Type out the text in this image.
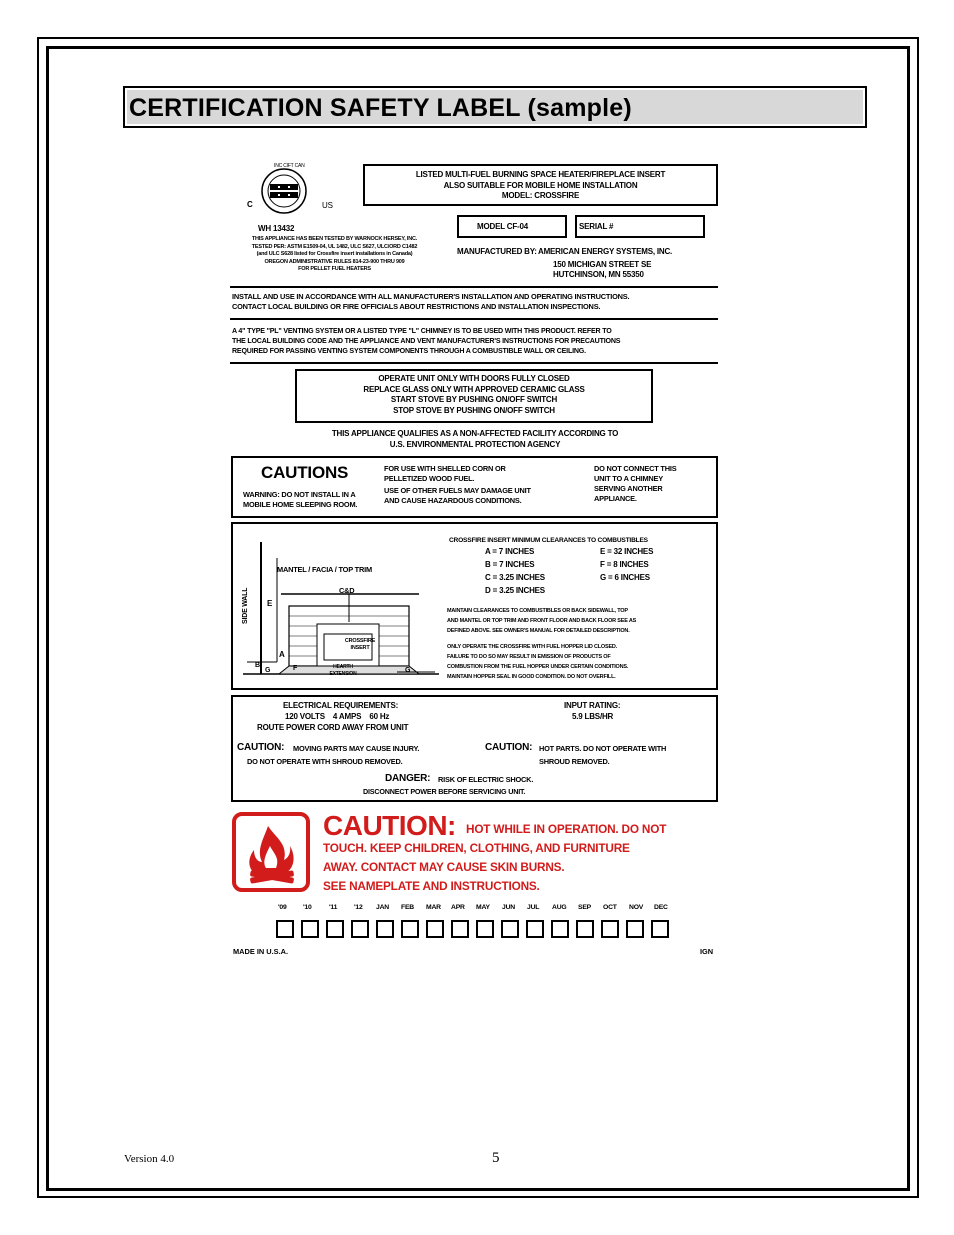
CERTIFICATION SAFETY LABEL (sample)
C	US
INC CIFT CAN
WH 13432
THIS APPLIANCE HAS BEEN TESTED BY WARNOCK HERSEY, INC.
TESTED PER: ASTM E1509-04, UL 1482, ULC S627, ULC/ORD C1482
(and ULC S628 listed for Crossfire insert installations in Canada)
OREGON ADMINISTRATIVE RULES 814-23-900 THRU 909
FOR PELLET FUEL HEATERS
LISTED MULTI-FUEL BURNING SPACE HEATER/FIREPLACE INSERT
ALSO SUITABLE FOR MOBILE HOME INSTALLATION
MODEL: CROSSFIRE
MODEL CF-04	SERIAL #
MANUFACTURED BY: AMERICAN ENERGY SYSTEMS, INC.
150 MICHIGAN STREET SE
HUTCHINSON, MN 55350
INSTALL AND USE IN ACCORDANCE WITH ALL MANUFACTURER'S INSTALLATION AND OPERATING INSTRUCTIONS.
CONTACT LOCAL BUILDING OR FIRE OFFICIALS ABOUT RESTRICTIONS AND INSTALLATION INSPECTIONS.
A 4" TYPE "PL" VENTING SYSTEM OR A LISTED TYPE "L" CHIMNEY IS TO BE USED WITH THIS PRODUCT. REFER TO
THE LOCAL BUILDING CODE AND THE APPLIANCE AND VENT MANUFACTURER'S INSTRUCTIONS FOR PRECAUTIONS
REQUIRED FOR PASSING VENTING SYSTEM COMPONENTS THROUGH A COMBUSTIBLE WALL OR CEILING.
OPERATE UNIT ONLY WITH DOORS FULLY CLOSED
REPLACE GLASS ONLY WITH APPROVED CERAMIC GLASS
START STOVE BY PUSHING ON/OFF SWITCH
STOP STOVE BY PUSHING ON/OFF SWITCH
THIS APPLIANCE QUALIFIES AS A NON-AFFECTED FACILITY ACCORDING TO
U.S. ENVIRONMENTAL PROTECTION AGENCY
CAUTIONS
WARNING: DO NOT INSTALL IN A
MOBILE HOME SLEEPING ROOM.
FOR USE WITH SHELLED CORN OR
PELLETIZED WOOD FUEL.
USE OF OTHER FUELS MAY DAMAGE UNIT
AND CAUSE HAZARDOUS CONDITIONS.
DO NOT CONNECT THIS
UNIT TO A CHIMNEY
SERVING ANOTHER
APPLIANCE.
MANTEL / FACIA / TOP TRIM
SIDE WALL	C&D
E
A
B	F
G	G
CROSSFIRE
INSERT
HEARTH
EXTENSION
CROSSFIRE INSERT MINIMUM CLEARANCES TO COMBUSTIBLES
A = 7 INCHES
B = 7 INCHES
C = 3.25 INCHES
D = 3.25 INCHES
E = 32 INCHES
F = 8 INCHES
G = 6 INCHES
MAINTAIN CLEARANCES TO COMBUSTIBLES OR BACK SIDEWALL, TOP
AND MANTEL OR TOP TRIM AND FRONT FLOOR AND BACK FLOOR SEE AS
DEFINED ABOVE. SEE OWNER'S MANUAL FOR DETAILED DESCRIPTION.
ONLY OPERATE THE CROSSFIRE WITH FUEL HOPPER LID CLOSED.
FAILURE TO DO SO MAY RESULT IN EMISSION OF PRODUCTS OF
COMBUSTION FROM THE FUEL HOPPER UNDER CERTAIN CONDITIONS.
MAINTAIN HOPPER SEAL IN GOOD CONDITION. DO NOT OVERFILL.
ELECTRICAL REQUIREMENTS:
120 VOLTS    4 AMPS    60 Hz
ROUTE POWER CORD AWAY FROM UNIT
INPUT RATING:
5.9 LBS/HR
CAUTION: MOVING PARTS MAY CAUSE INJURY.
DO NOT OPERATE WITH SHROUD REMOVED.
CAUTION: HOT PARTS. DO NOT OPERATE WITH
SHROUD REMOVED.
DANGER: RISK OF ELECTRIC SHOCK.
DISCONNECT POWER BEFORE SERVICING UNIT.
CAUTION: HOT WHILE IN OPERATION. DO NOT
TOUCH. KEEP CHILDREN, CLOTHING, AND FURNITURE
AWAY. CONTACT MAY CAUSE SKIN BURNS.
SEE NAMEPLATE AND INSTRUCTIONS.
'09 '10	'11 '12 JAN FEB MAR APR MAY JUN JUL AUG SEP OCT NOV DEC
MADE IN U.S.A.	IGN
Version 4.0	5
